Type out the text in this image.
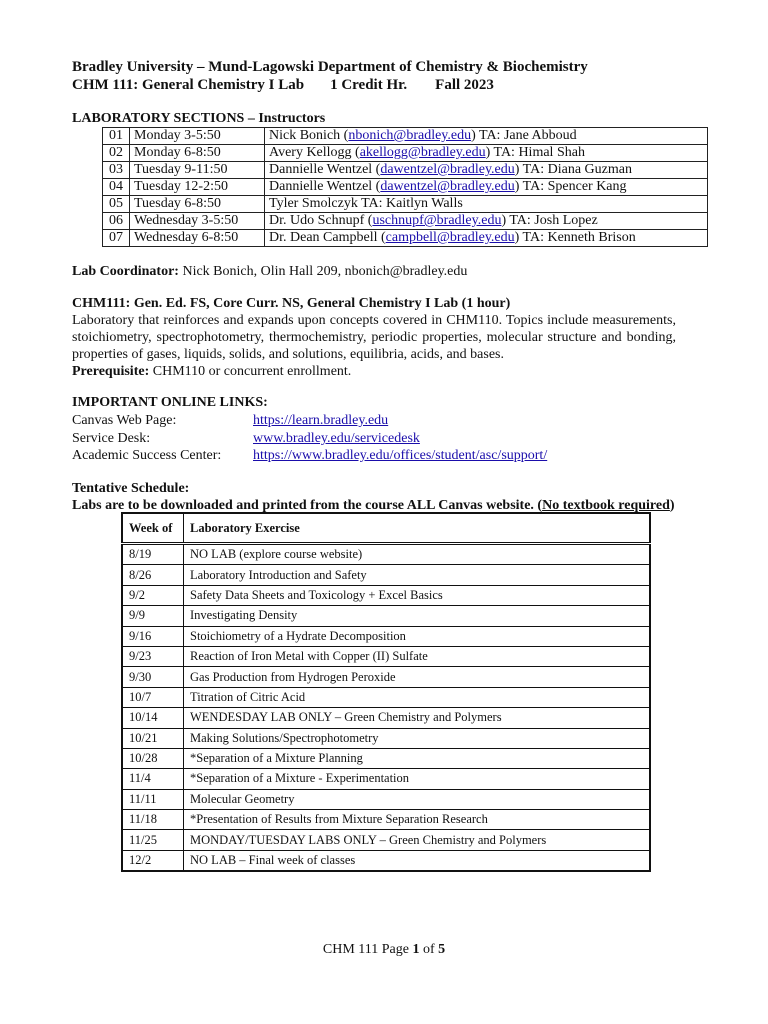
Bradley University – Mund-Lagowski Department of Chemistry & Biochemistry
CHM 111: General Chemistry I Lab 1 Credit Hr. Fall 2023
LABORATORY SECTIONS – Instructors
01	Monday 3-5:50	Nick Bonich (nbonich@bradley.edu) TA: Jane Abboud
02	Monday 6-8:50	Avery Kellogg (akellogg@bradley.edu) TA: Himal Shah
03	Tuesday 9-11:50	Dannielle Wentzel (dawentzel@bradley.edu) TA: Diana Guzman
04	Tuesday 12-2:50	Dannielle Wentzel (dawentzel@bradley.edu) TA: Spencer Kang
05	Tuesday 6-8:50	Tyler Smolczyk TA: Kaitlyn Walls
06	Wednesday 3-5:50	Dr. Udo Schnupf (uschnupf@bradley.edu) TA: Josh Lopez
07	Wednesday 6-8:50	Dr. Dean Campbell (campbell@bradley.edu) TA: Kenneth Brison
Lab Coordinator: Nick Bonich, Olin Hall 209, nbonich@bradley.edu
CHM111: Gen. Ed. FS, Core Curr. NS, General Chemistry I Lab (1 hour)
Laboratory that reinforces and expands upon concepts covered in CHM110. Topics include measurements, stoichiometry, spectrophotometry, thermochemistry, periodic properties, molecular structure and bonding, properties of gases, liquids, solids, and solutions, equilibria, acids, and bases.
Prerequisite: CHM110 or concurrent enrollment.
IMPORTANT ONLINE LINKS:
Canvas Web Page:	https://learn.bradley.edu
Service Desk:	www.bradley.edu/servicedesk
Academic Success Center: https://www.bradley.edu/offices/student/asc/support/
Tentative Schedule:
Labs are to be downloaded and printed from the course ALL Canvas website. (No textbook required)
Week of	Laboratory Exercise
8/19	NO LAB (explore course website)
8/26	Laboratory Introduction and Safety
9/2	Safety Data Sheets and Toxicology + Excel Basics
9/9	Investigating Density
9/16	Stoichiometry of a Hydrate Decomposition
9/23	Reaction of Iron Metal with Copper (II) Sulfate
9/30	Gas Production from Hydrogen Peroxide
10/7	Titration of Citric Acid
10/14	WENDESDAY LAB ONLY – Green Chemistry and Polymers
10/21	Making Solutions/Spectrophotometry
10/28	*Separation of a Mixture Planning
11/4	*Separation of a Mixture - Experimentation
11/11	Molecular Geometry
11/18	*Presentation of Results from Mixture Separation Research
11/25	MONDAY/TUESDAY LABS ONLY – Green Chemistry and Polymers
12/2	NO LAB – Final week of classes
CHM 111 Page 1 of 5
